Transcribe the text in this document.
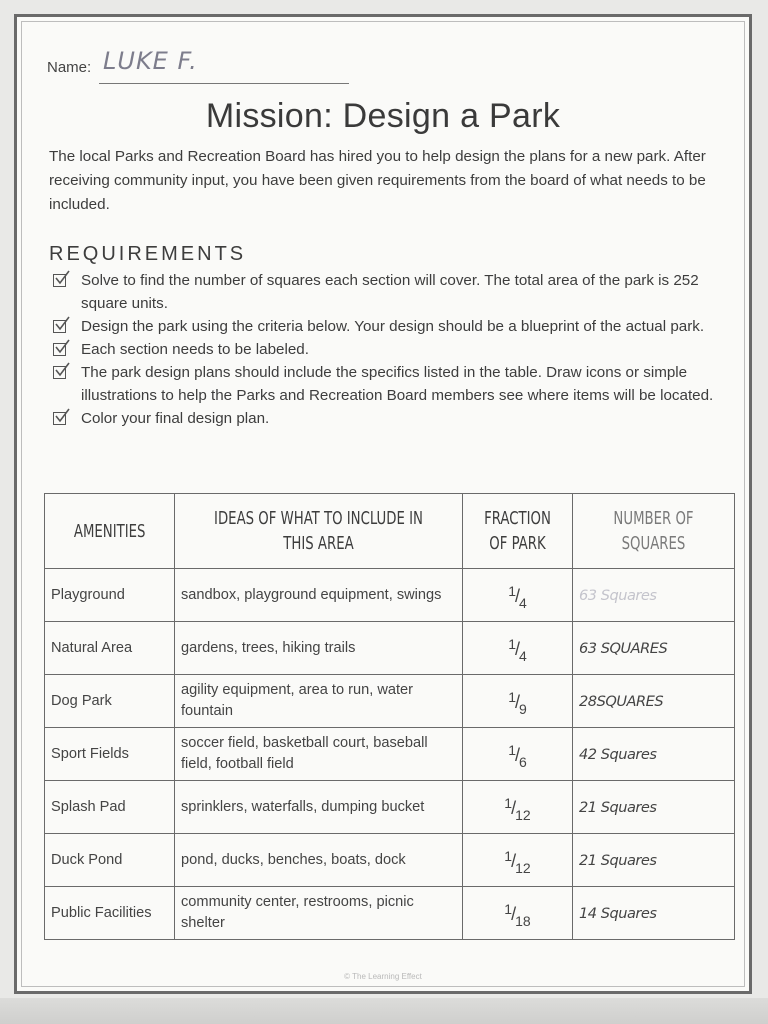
Name: LUKE F.
Mission: Design a Park
The local Parks and Recreation Board has hired you to help design the plans for a new park. After receiving community input, you have been given requirements from the board of what needs to be included.
REQUIREMENTS
Solve to find the number of squares each section will cover. The total area of the park is 252 square units.
Design the park using the criteria below. Your design should be a blueprint of the actual park.
Each section needs to be labeled.
The park design plans should include the specifics listed in the table. Draw icons or simple illustrations to help the Parks and Recreation Board members see where items will be located.
Color your final design plan.
AMENITIES	IDEAS OF WHAT TO INCLUDE IN THIS AREA	FRACTION OF PARK	NUMBER OF SQUARES
Playground	sandbox, playground equipment, swings	$^1/_4$	63 Squares
Natural Area	gardens, trees, hiking trails	$^1/_4$	63 SQUARES
Dog Park	agility equipment, area to run, water fountain	$^1/_9$	28SQUARES
Sport Fields	soccer field, basketball court, baseball field, football field	$^1/_6$	42 Squares
Splash Pad	sprinklers, waterfalls, dumping bucket	$^1/_{12}$	21 Squares
Duck Pond	pond, ducks, benches, boats, dock	$^1/_{12}$	21 Squares
Public Facilities	community center, restrooms, picnic shelter	$^1/_{18}$	14 Squares
© The Learning Effect
